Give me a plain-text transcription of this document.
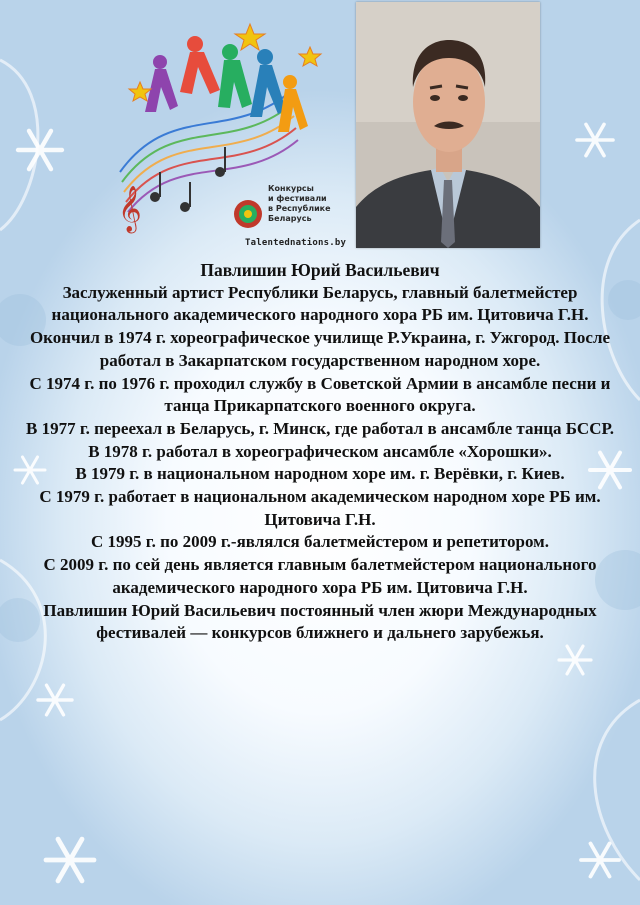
𝄞	Конкурсы
и фестивали
в Республике
Беларусь
Talentednations.by

Павлишин Юрий Васильевич

Заслуженный артист Республики Беларусь, главный балетмейстер национального академического народного хора РБ им. Цитовича Г.Н.

Окончил в 1974 г. хореографическое училище Р.Украина, г. Ужгород. После работал в Закарпатском государственном народном хоре.

С 1974 г. по 1976 г. проходил службу в Советской Армии в ансамбле песни и танца Прикарпатского военного округа.

В 1977 г. переехал в Беларусь, г. Минск, где работал в ансамбле танца БССР.

В 1978 г. работал в хореографическом ансамбле «Хорошки».

В 1979 г. в национальном народном хоре им. г. Верёвки, г. Киев.

С 1979 г. работает в национальном академическом народном хоре РБ им. Цитовича Г.Н.

С 1995 г. по 2009 г.-являлся балетмейстером и репетитором.

С 2009 г. по сей день является главным балетмейстером национального академического народного хора РБ им. Цитовича Г.Н.

Павлишин Юрий Васильевич постоянный член жюри Международных фестивалей — конкурсов ближнего и дальнего зарубежья.
